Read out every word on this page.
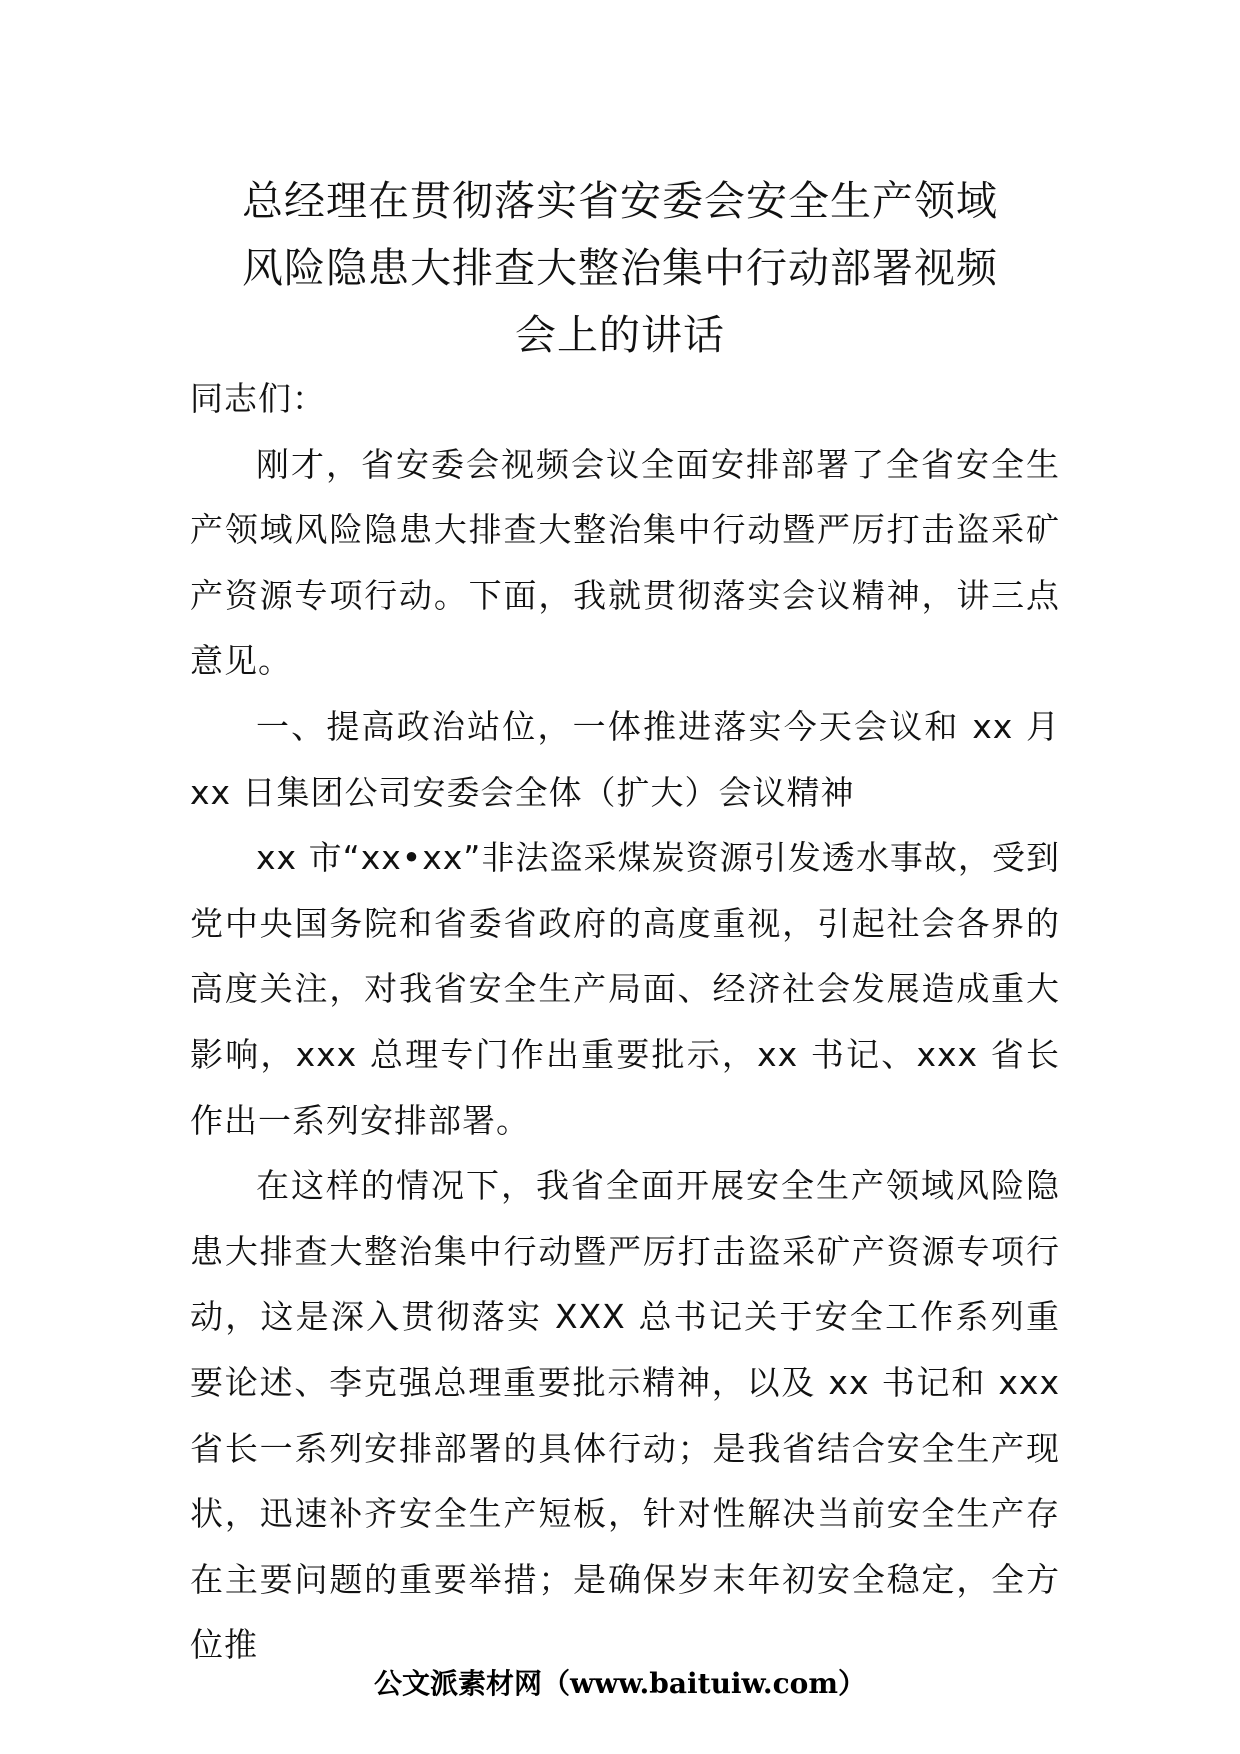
总经理在贯彻落实省安委会安全生产领域
风险隐患大排查大整治集中行动部署视频
会上的讲话

同志们：

刚才，省安委会视频会议全面安排部署了全省安全生产领域风险隐患大排查大整治集中行动暨严厉打击盗采矿产资源专项行动。下面，我就贯彻落实会议精神，讲三点意见。

一、提高政治站位，一体推进落实今天会议和 xx 月 xx 日集团公司安委会全体（扩大）会议精神

xx 市“xx•xx”非法盗采煤炭资源引发透水事故，受到党中央国务院和省委省政府的高度重视，引起社会各界的高度关注，对我省安全生产局面、经济社会发展造成重大影响，xxx 总理专门作出重要批示，xx 书记、xxx 省长作出一系列安排部署。

在这样的情况下，我省全面开展安全生产领域风险隐患大排查大整治集中行动暨严厉打击盗采矿产资源专项行动，这是深入贯彻落实 XXX 总书记关于安全工作系列重要论述、李克强总理重要批示精神，以及 xx 书记和 xxx 省长一系列安排部署的具体行动；是我省结合安全生产现状，迅速补齐安全生产短板，针对性解决当前安全生产存在主要问题的重要举措；是确保岁末年初安全稳定，全方位推

公文派素材网（www.baituiw.com）
